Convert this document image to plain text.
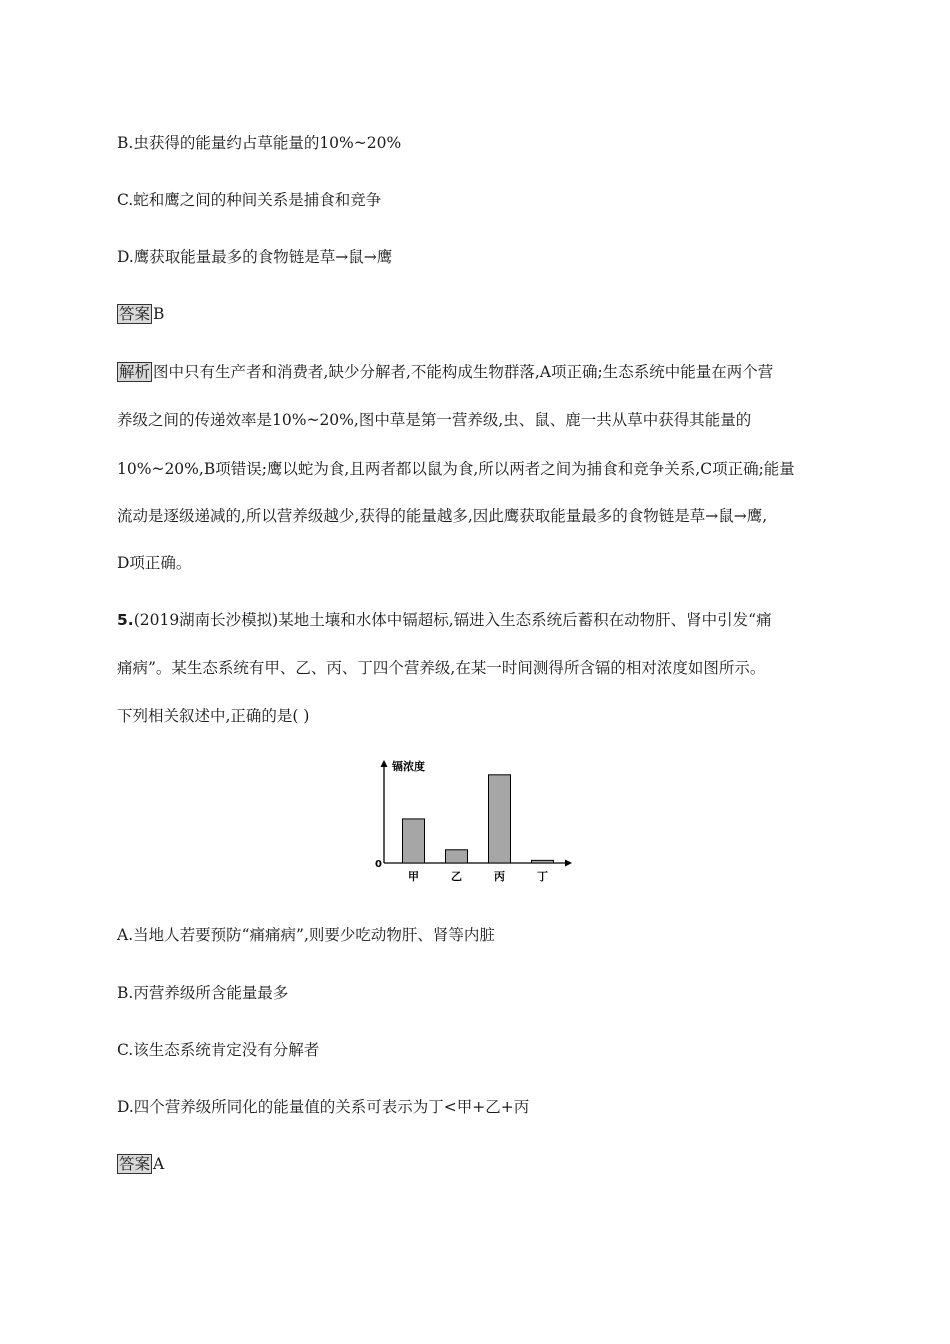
B.虫获得的能量约占草能量的10%~20%
C.蛇和鹰之间的种间关系是捕食和竞争
D.鹰获取能量最多的食物链是草→鼠→鹰
答案 B
解析 图中只有生产者和消费者,缺少分解者,不能构成生物群落,A项正确;生态系统中能量在两个营
养级之间的传递效率是10%~20%,图中草是第一营养级,虫、鼠、鹿一共从草中获得其能量的
10%~20%,B项错误;鹰以蛇为食,且两者都以鼠为食,所以两者之间为捕食和竞争关系,C项正确;能量
流动是逐级递减的,所以营养级越少,获得的能量越多,因此鹰获取能量最多的食物链是草→鼠→鹰,
D项正确。
5.(2019湖南长沙模拟)某地土壤和水体中镉超标,镉进入生态系统后蓄积在动物肝、肾中引发“痛
痛病”。某生态系统有甲、乙、丙、丁四个营养级,在某一时间测得所含镉的相对浓度如图所示。
下列相关叙述中,正确的是( )
镉浓度
0
甲	乙	丙	丁
A.当地人若要预防“痛痛病”,则要少吃动物肝、肾等内脏
B.丙营养级所含能量最多
C.该生态系统肯定没有分解者
D.四个营养级所同化的能量值的关系可表示为丁<甲+乙+丙
答案 A
